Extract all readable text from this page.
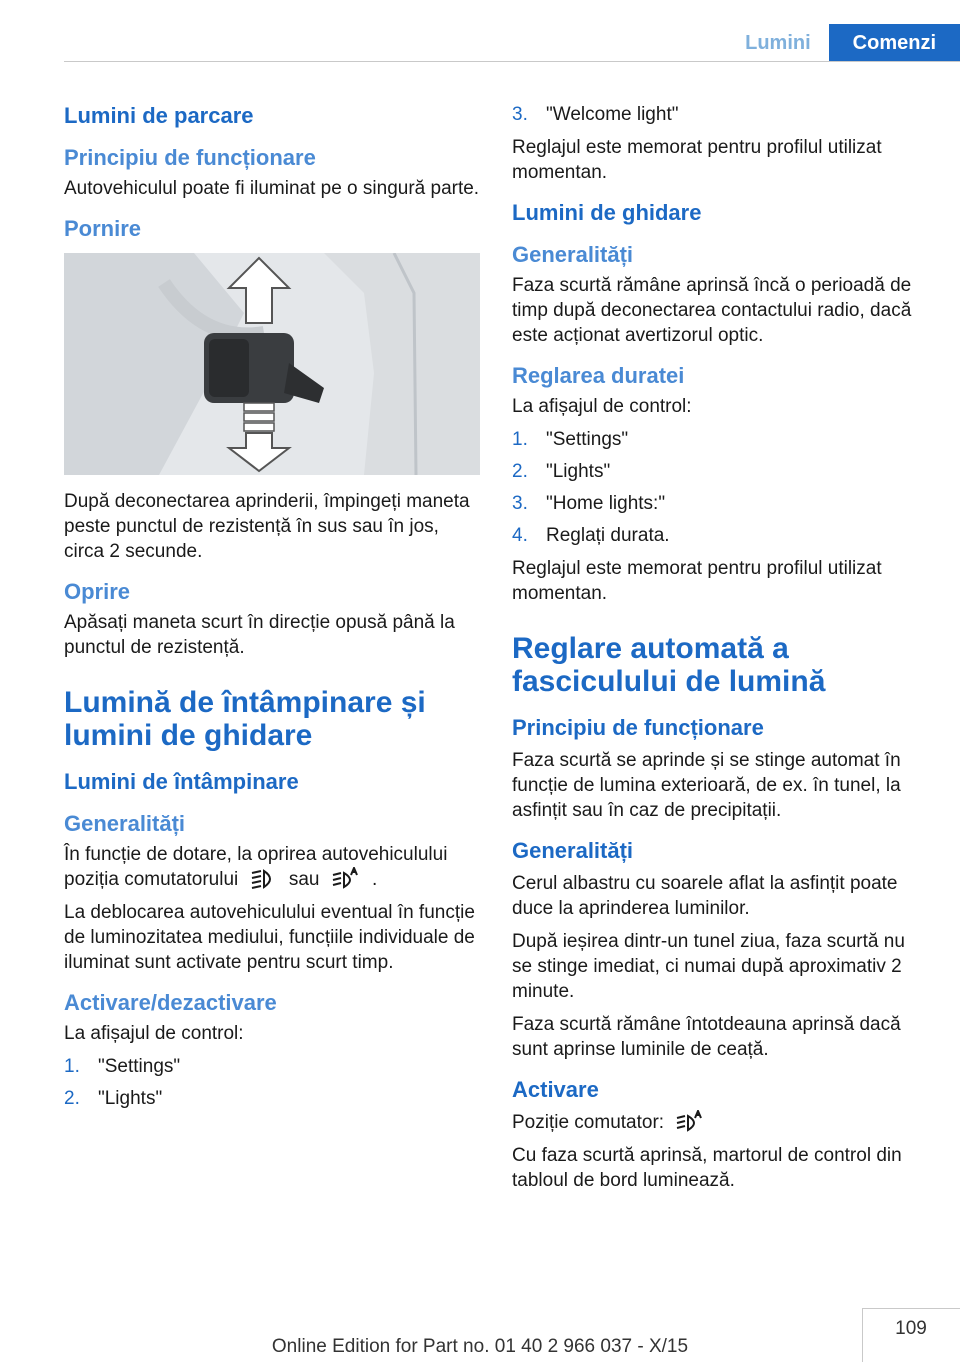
Lumini	Comenzi
Lumini de parcare
Principiu de funcționare
Autovehiculul poate fi iluminat pe o singură parte.
Pornire
După deconectarea aprinderii, împingeți maneta peste punctul de rezistență în sus sau în jos, circa 2 secunde.
Oprire
Apăsați maneta scurt în direcție opusă până la punctul de rezistență.
Lumină de întâmpinare și lumini de ghidare
Lumini de întâmpinare
Generalități
În funcție de dotare, la oprirea autovehiculului poziția comutatorului	sau	.
La deblocarea autovehiculului eventual în funcție de luminozitatea mediului, funcțiile individuale de iluminat sunt activate pentru scurt timp.
Activare/dezactivare
La afișajul de control:
1. "Settings"
2. "Lights"
3. "Welcome light"
Reglajul este memorat pentru profilul utilizat momentan.
Lumini de ghidare
Generalități
Faza scurtă rămâne aprinsă încă o perioadă de timp după deconectarea contactului radio, dacă este acționat avertizorul optic.
Reglarea duratei
La afișajul de control:
1. "Settings"
2. "Lights"
3. "Home lights:"
4. Reglați durata.
Reglajul este memorat pentru profilul utilizat momentan.
Reglare automată a fasciculului de lumină
Principiu de funcționare
Faza scurtă se aprinde și se stinge automat în funcție de lumina exterioară, de ex. în tunel, la asfințit sau în caz de precipitații.
Generalități
Cerul albastru cu soarele aflat la asfințit poate duce la aprinderea luminilor.
După ieșirea dintr-un tunel ziua, faza scurtă nu se stinge imediat, ci numai după aproximativ 2 minute.
Faza scurtă rămâne întotdeauna aprinsă dacă sunt aprinse luminile de ceață.
Activare
Poziție comutator:
Cu faza scurtă aprinsă, martorul de control din tabloul de bord luminează.
109
Online Edition for Part no. 01 40 2 966 037 - X/15
